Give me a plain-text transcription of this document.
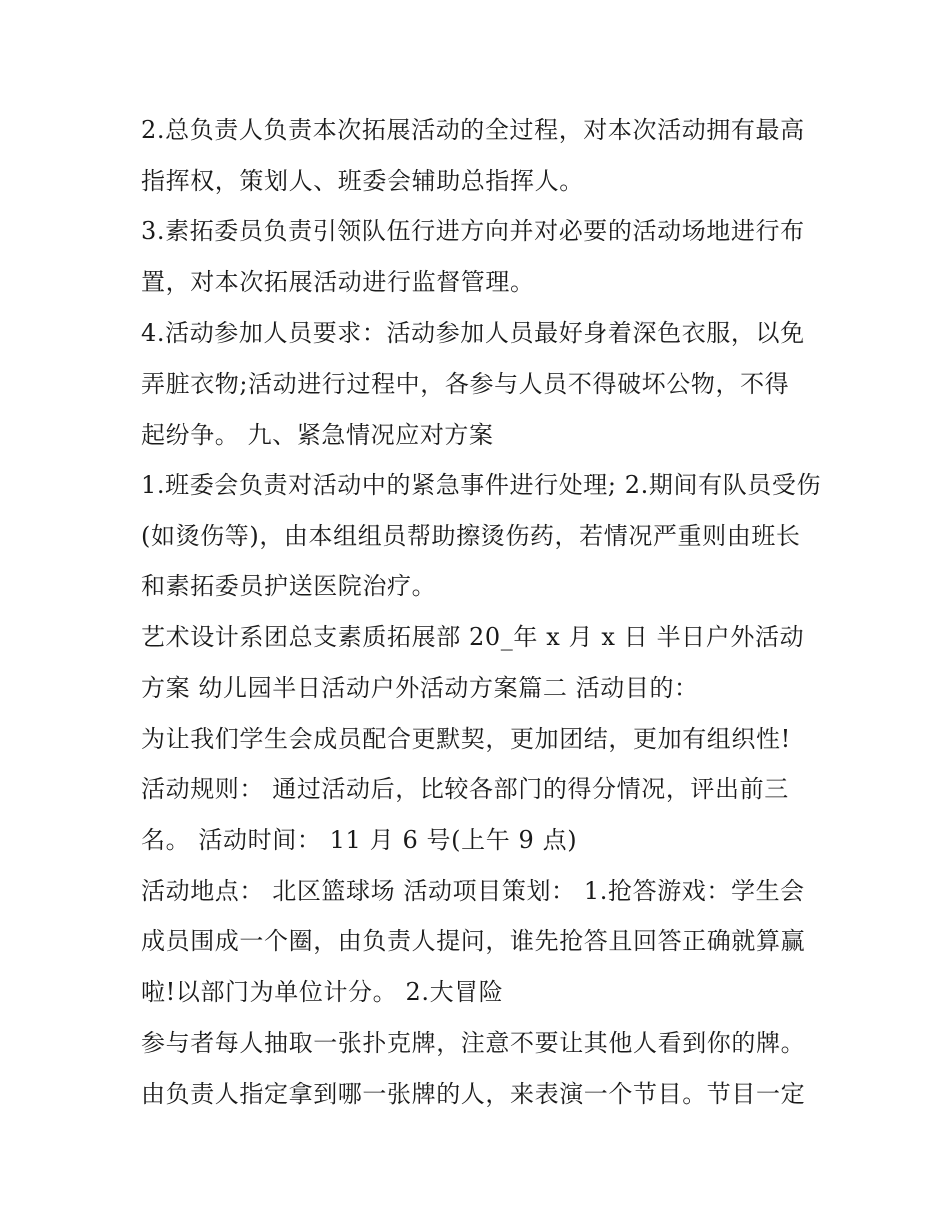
2.总负责人负责本次拓展活动的全过程，对本次活动拥有最高
指挥权，策划人、班委会辅助总指挥人。
3.素拓委员负责引领队伍行进方向并对必要的活动场地进行布
置，对本次拓展活动进行监督管理。
4.活动参加人员要求：活动参加人员最好身着深色衣服，以免
弄脏衣物;活动进行过程中，各参与人员不得破坏公物，不得
起纷争。 九、紧急情况应对方案
1.班委会负责对活动中的紧急事件进行处理; 2.期间有队员受伤
(如烫伤等)，由本组组员帮助擦烫伤药，若情况严重则由班长
和素拓委员护送医院治疗。
艺术设计系团总支素质拓展部 20_年 x 月 x 日 半日户外活动
方案 幼儿园半日活动户外活动方案篇二 活动目的：
为让我们学生会成员配合更默契，更加团结，更加有组织性!
活动规则： 通过活动后，比较各部门的得分情况，评出前三
名。 活动时间： 11 月 6 号(上午 9 点)
活动地点： 北区篮球场 活动项目策划： 1.抢答游戏：学生会
成员围成一个圈，由负责人提问，谁先抢答且回答正确就算赢
啦!以部门为单位计分。 2.大冒险
参与者每人抽取一张扑克牌，注意不要让其他人看到你的牌。
由负责人指定拿到哪一张牌的人，来表演一个节目。节目一定
